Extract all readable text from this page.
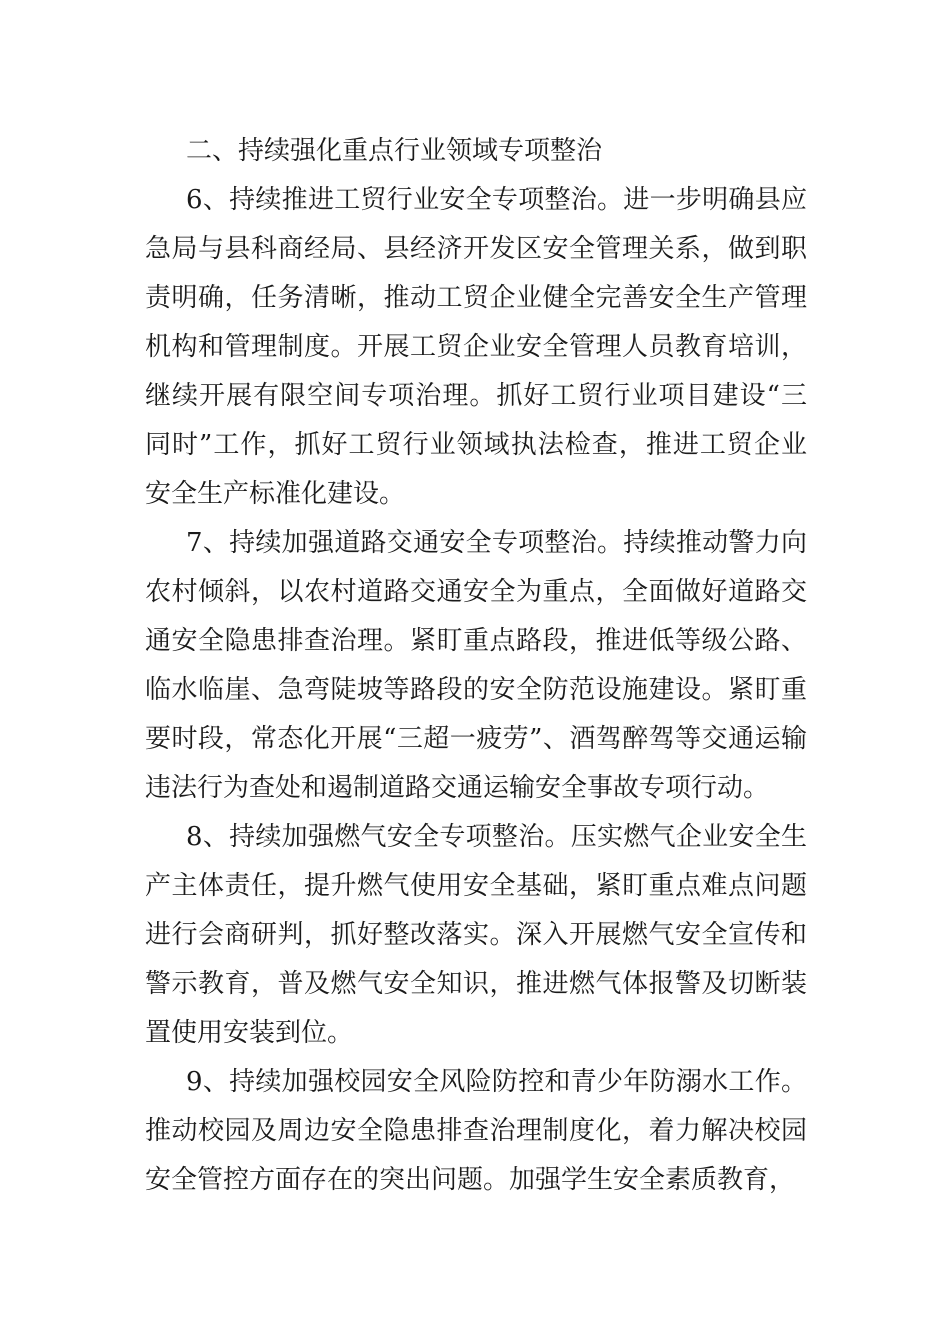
二、持续强化重点行业领域专项整治

6、持续推进工贸行业安全专项整治。进一步明确县应急局与县科商经局、县经济开发区安全管理关系，做到职责明确，任务清晰，推动工贸企业健全完善安全生产管理机构和管理制度。开展工贸企业安全管理人员教育培训，继续开展有限空间专项治理。抓好工贸行业项目建设“三同时”工作，抓好工贸行业领域执法检查，推进工贸企业安全生产标准化建设。

7、持续加强道路交通安全专项整治。持续推动警力向农村倾斜，以农村道路交通安全为重点，全面做好道路交通安全隐患排查治理。紧盯重点路段，推进低等级公路、临水临崖、急弯陡坡等路段的安全防范设施建设。紧盯重要时段，常态化开展“三超一疲劳”、酒驾醉驾等交通运输违法行为查处和遏制道路交通运输安全事故专项行动。

8、持续加强燃气安全专项整治。压实燃气企业安全生产主体责任，提升燃气使用安全基础，紧盯重点难点问题进行会商研判，抓好整改落实。深入开展燃气安全宣传和警示教育，普及燃气安全知识，推进燃气体报警及切断装置使用安装到位。

9、持续加强校园安全风险防控和青少年防溺水工作。推动校园及周边安全隐患排查治理制度化，着力解决校园安全管控方面存在的突出问题。加强学生安全素质教育，
